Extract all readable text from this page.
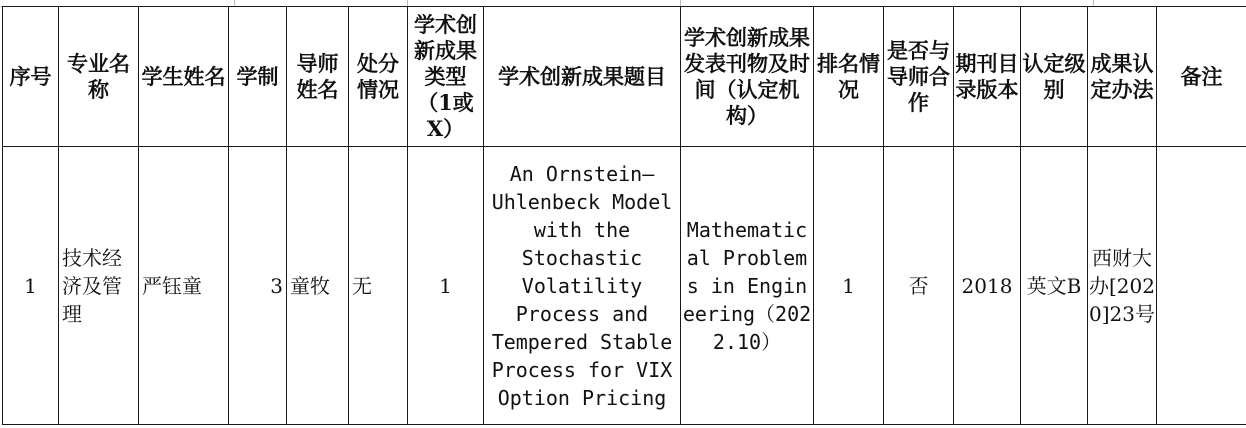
序号	专业名称	学生姓名	学制	导师姓名	处分情况	学术创新成果类型（1或X）	学术创新成果题目	学术创新成果发表刊物及时间（认定机构）	排名情况	是否与导师合作	期刊目录版本	认定级别	成果认定办法	备注
1	技术经济及管理	严钰童	3	童牧	无	1	An Ornstein–Uhlenbeck Model with the Stochastic Volatility Process and Tempered Stable Process for VIX Option Pricing	Mathematical Problems in Engineering（2022.10）	1	否	2018	英文B	西财大办[2020]23号	
